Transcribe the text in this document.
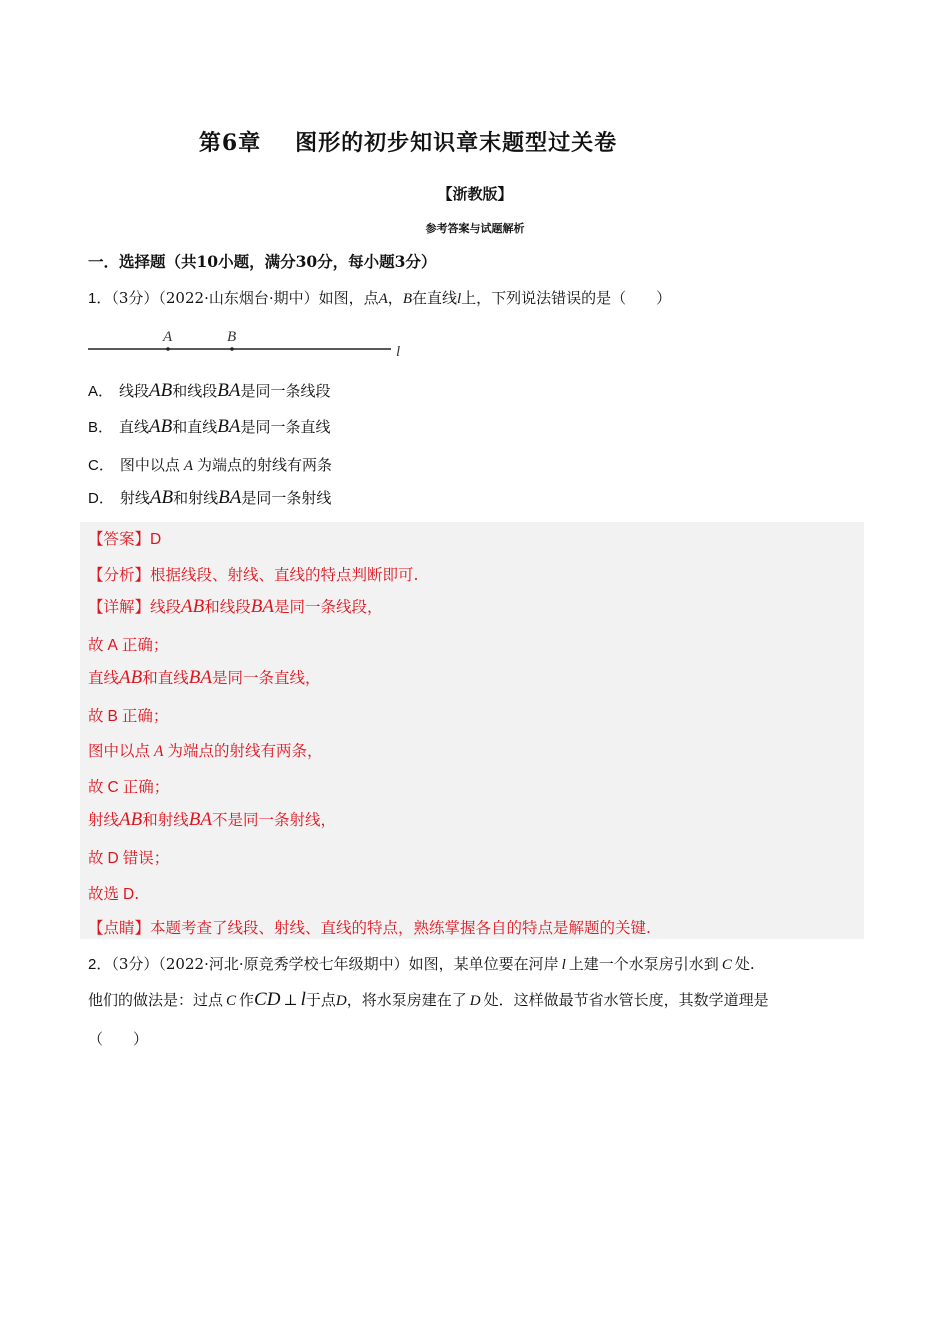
第6章 图形的初步知识章末题型过关卷
【浙教版】
参考答案与试题解析
一．选择题（共10小题，满分30分，每小题3分）
1．（3分）（2022·山东烟台·期中）如图，点A，B在直线l上，下列说法错误的是（　　）
A	B
l
A． 线段AB和线段BA是同一条线段
B． 直线AB和直线BA是同一条直线
C． 图中以点 A 为端点的射线有两条
D． 射线AB和射线BA是同一条射线
【答案】D
【分析】根据线段、射线、直线的特点判断即可.
【详解】线段AB和线段BA是同一条线段，
故 A 正确；
直线AB和直线BA是同一条直线，
故 B 正确；
图中以点 A 为端点的射线有两条，
故 C 正确；
射线AB和射线BA不是同一条射线，
故 D 错误；
故选 D.
【点睛】本题考查了线段、射线、直线的特点，熟练掌握各自的特点是解题的关键.
2．（3分）（2022·河北·原竞秀学校七年级期中）如图，某单位要在河岸 l 上建一个水泵房引水到 C 处.
他们的做法是：过点 C 作CD ⊥ l于点D，将水泵房建在了 D 处．这样做最节省水管长度，其数学道理是
（　　）
